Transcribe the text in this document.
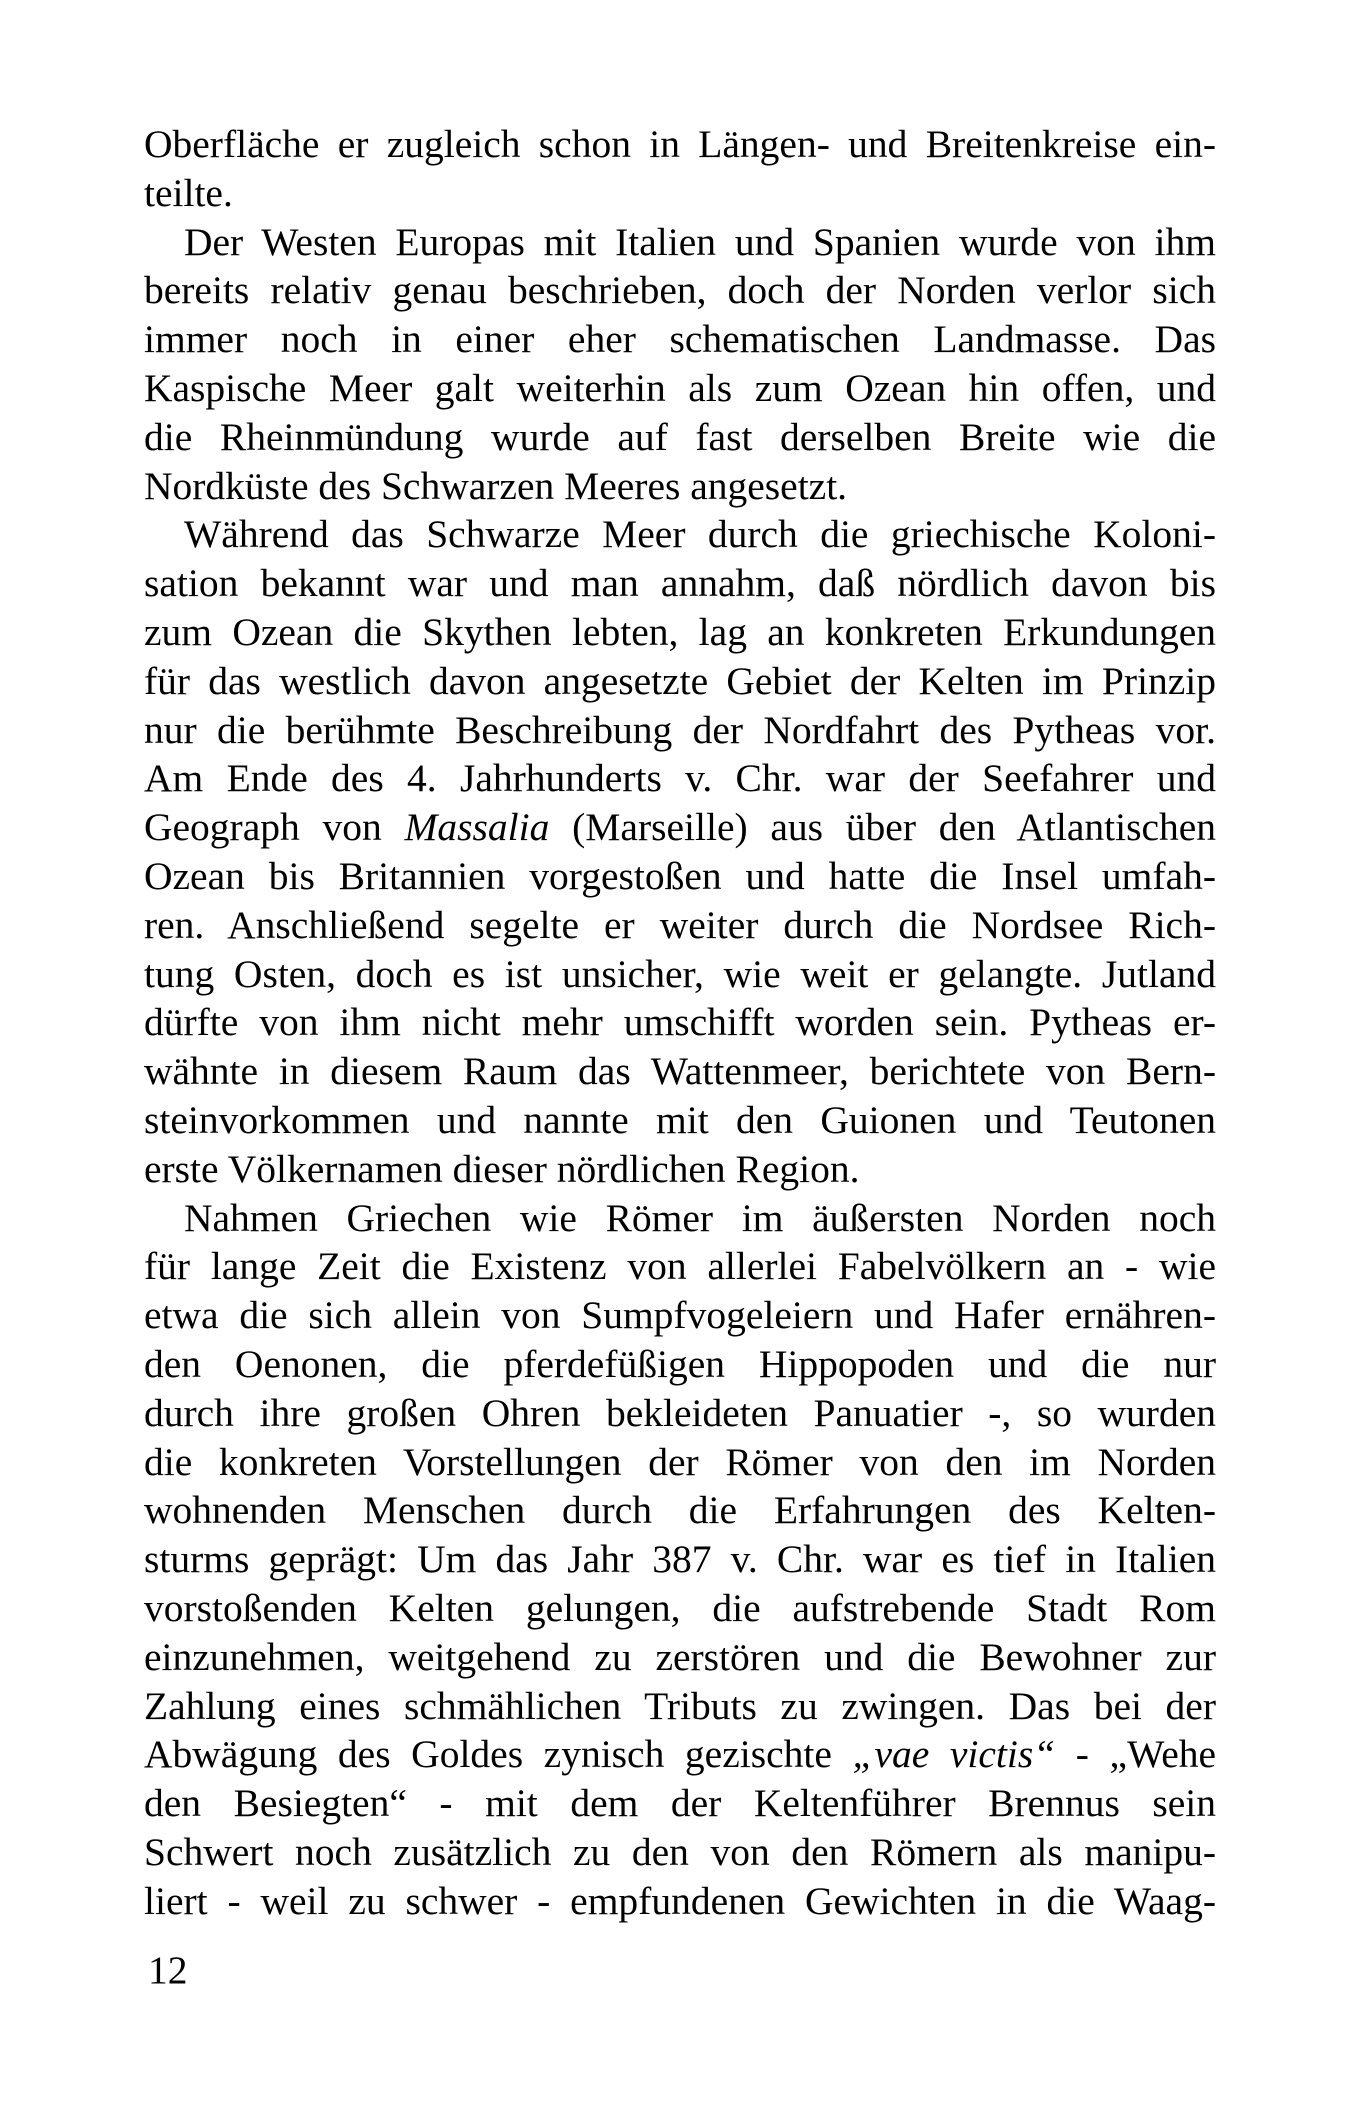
Oberfläche er zugleich schon in Längen- und Breitenkreise ein-
teilte.
Der Westen Europas mit Italien und Spanien wurde von ihm
bereits relativ genau beschrieben, doch der Norden verlor sich
immer noch in einer eher schematischen Landmasse. Das
Kaspische Meer galt weiterhin als zum Ozean hin offen, und
die Rheinmündung wurde auf fast derselben Breite wie die
Nordküste des Schwarzen Meeres angesetzt.
Während das Schwarze Meer durch die griechische Koloni-
sation bekannt war und man annahm, daß nördlich davon bis
zum Ozean die Skythen lebten, lag an konkreten Erkundungen
für das westlich davon angesetzte Gebiet der Kelten im Prinzip
nur die berühmte Beschreibung der Nordfahrt des Pytheas vor.
Am Ende des 4. Jahrhunderts v. Chr. war der Seefahrer und
Geograph von Massalia (Marseille) aus über den Atlantischen
Ozean bis Britannien vorgestoßen und hatte die Insel umfah-
ren. Anschließend segelte er weiter durch die Nordsee Rich-
tung Osten, doch es ist unsicher, wie weit er gelangte. Jutland
dürfte von ihm nicht mehr umschifft worden sein. Pytheas er-
wähnte in diesem Raum das Wattenmeer, berichtete von Bern-
steinvorkommen und nannte mit den Guionen und Teutonen
erste Völkernamen dieser nördlichen Region.
Nahmen Griechen wie Römer im äußersten Norden noch
für lange Zeit die Existenz von allerlei Fabelvölkern an - wie
etwa die sich allein von Sumpfvogeleiern und Hafer ernähren-
den Oenonen, die pferdefüßigen Hippopoden und die nur
durch ihre großen Ohren bekleideten Panuatier -, so wurden
die konkreten Vorstellungen der Römer von den im Norden
wohnenden Menschen durch die Erfahrungen des Kelten-
sturms geprägt: Um das Jahr 387 v. Chr. war es tief in Italien
vorstoßenden Kelten gelungen, die aufstrebende Stadt Rom
einzunehmen, weitgehend zu zerstören und die Bewohner zur
Zahlung eines schmählichen Tributs zu zwingen. Das bei der
Abwägung des Goldes zynisch gezischte „vae victis“ - „Wehe
den Besiegten“ - mit dem der Keltenführer Brennus sein
Schwert noch zusätzlich zu den von den Römern als manipu-
liert - weil zu schwer - empfundenen Gewichten in die Waag-
12
